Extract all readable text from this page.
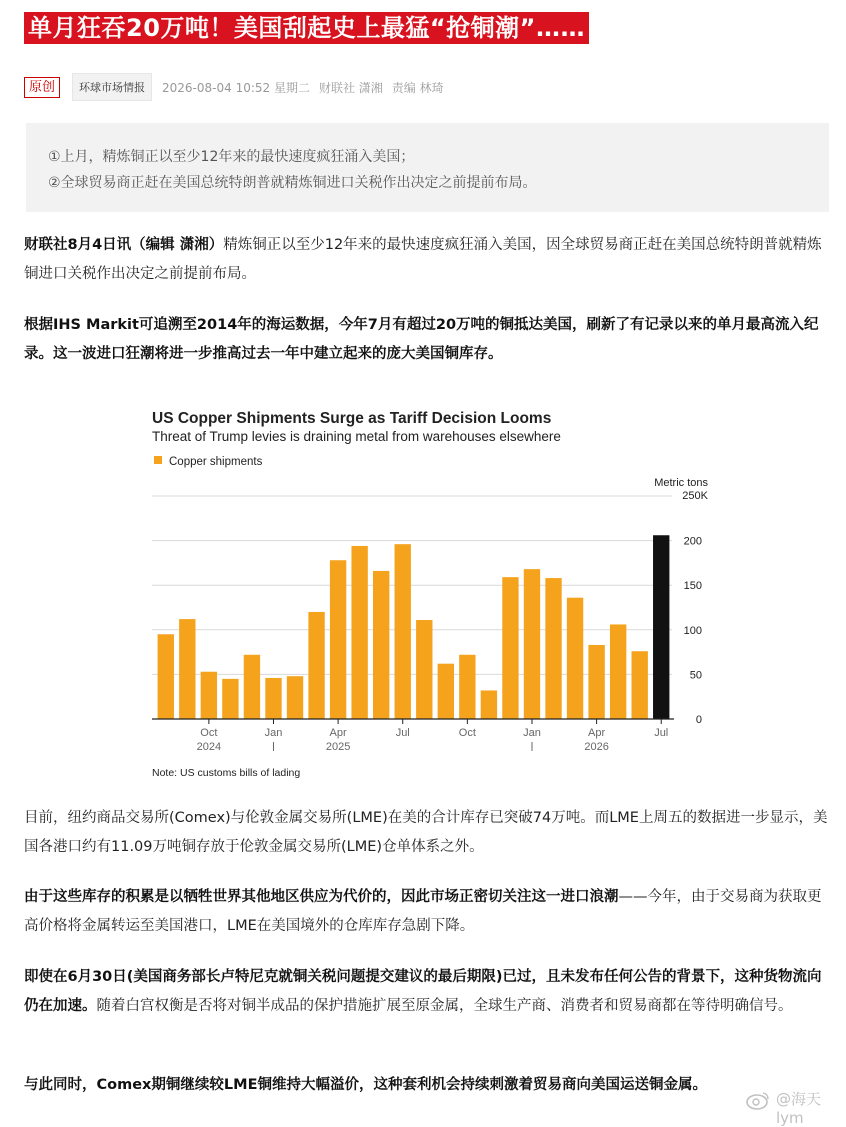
单月狂吞20万吨！美国刮起史上最猛“抢铜潮”……
原创	环球市场情报	2026-08-04 10:52 星期二 财联社 潇湘 责编 林琦
①上月，精炼铜正以至少12年来的最快速度疯狂涌入美国；
②全球贸易商正赶在美国总统特朗普就精炼铜进口关税作出决定之前提前布局。
财联社8月4日讯（编辑 潇湘）精炼铜正以至少12年来的最快速度疯狂涌入美国，因全球贸易商正赶在美国总统特朗普就精炼铜进口关税作出决定之前提前布局。
根据IHS Markit可追溯至2014年的海运数据，今年7月有超过20万吨的铜抵达美国，刷新了有记录以来的单月最高流入纪录。这一波进口狂潮将进一步推高过去一年中建立起来的庞大美国铜库存。
US Copper Shipments Surge as Tariff Decision Looms
Threat of Trump levies is draining metal from warehouses elsewhere
Copper shipments
Metric tons
250K
0
50
100
150
200
Oct	Jan	Apr	Jul	Oct	Jan	Apr	Jul
2024	2025	2026
Note: US customs bills of lading
目前，纽约商品交易所(Comex)与伦敦金属交易所(LME)在美的合计库存已突破74万吨。而LME上周五的数据进一步显示，美国各港口约有11.09万吨铜存放于伦敦金属交易所(LME)仓单体系之外。
由于这些库存的积累是以牺牲世界其他地区供应为代价的，因此市场正密切关注这一进口浪潮——今年，由于交易商为获取更高价格将金属转运至美国港口，LME在美国境外的仓库库存急剧下降。
即使在6月30日(美国商务部长卢特尼克就铜关税问题提交建议的最后期限)已过，且未发布任何公告的背景下，这种货物流向仍在加速。随着白宫权衡是否将对铜半成品的保护措施扩展至原金属，全球生产商、消费者和贸易商都在等待明确信号。
与此同时，Comex期铜继续较LME铜维持大幅溢价，这种套利机会持续刺激着贸易商向美国运送铜金属。
@海天lym
